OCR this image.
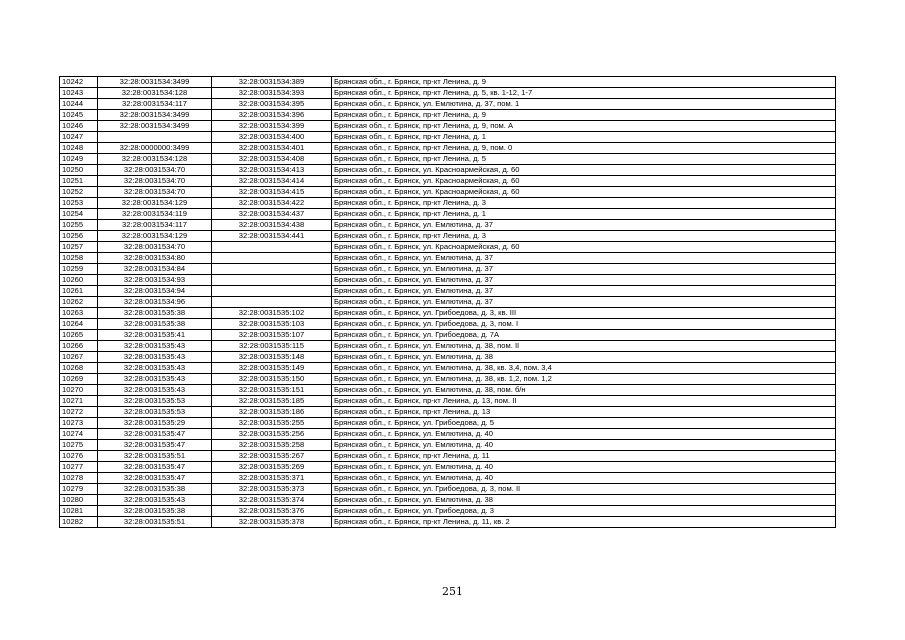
10242	32:28:0031534:3499	32:28:0031534:389	Брянская обл., г. Брянск, пр-кт Ленина, д. 9
10243	32:28:0031534:128	32:28:0031534:393	Брянская обл., г. Брянск, пр-кт Ленина, д. 5, кв. 1-12, 1-7
10244	32:28:0031534:117	32:28:0031534:395	Брянская обл., г. Брянск, ул. Емлютина, д. 37, пом. 1
10245	32:28:0031534:3499	32:28:0031534:396	Брянская обл., г. Брянск, пр-кт Ленина, д. 9
10246	32:28:0031534:3499	32:28:0031534:399	Брянская обл., г. Брянск, пр-кт Ленина, д. 9, пом. А
10247		32:28:0031534:400	Брянская обл., г. Брянск, пр-кт Ленина, д. 1
10248	32:28:0000000:3499	32:28:0031534:401	Брянская обл., г. Брянск, пр-кт Ленина, д. 9, пом. 0
10249	32:28:0031534:128	32:28:0031534:408	Брянская обл., г. Брянск, пр-кт Ленина, д. 5
10250	32:28:0031534:70	32:28:0031534:413	Брянская обл., г. Брянск, ул. Красноармейская, д. 60
10251	32:28:0031534:70	32:28:0031534:414	Брянская обл., г. Брянск, ул. Красноармейская, д. 60
10252	32:28:0031534:70	32:28:0031534:415	Брянская обл., г. Брянск, ул. Красноармейская, д. 60
10253	32:28:0031534:129	32:28:0031534:422	Брянская обл., г. Брянск, пр-кт Ленина, д. 3
10254	32:28:0031534:119	32:28:0031534:437	Брянская обл., г. Брянск, пр-кт Ленина, д. 1
10255	32:28:0031534:117	32:28:0031534:438	Брянская обл., г. Брянск, ул. Емлютина, д. 37
10256	32:28:0031534:129	32:28:0031534:441	Брянская обл., г. Брянск, пр-кт Ленина, д. 3
10257	32:28:0031534:70		Брянская обл., г. Брянск, ул. Красноармейская, д. 60
10258	32:28:0031534:80		Брянская обл., г. Брянск, ул. Емлютина, д. 37
10259	32:28:0031534:84		Брянская обл., г. Брянск, ул. Емлютина, д. 37
10260	32:28:0031534:93		Брянская обл., г. Брянск, ул. Емлютина, д. 37
10261	32:28:0031534:94		Брянская обл., г. Брянск, ул. Емлютина, д. 37
10262	32:28:0031534:96		Брянская обл., г. Брянск, ул. Емлютина, д. 37
10263	32:28:0031535:38	32:28:0031535:102	Брянская обл., г. Брянск, ул. Грибоедова, д. 3, кв. III
10264	32:28:0031535:38	32:28:0031535:103	Брянская обл., г. Брянск, ул. Грибоедова, д. 3, пом. I
10265	32:28:0031535:41	32:28:0031535:107	Брянская обл., г. Брянск, ул. Грибоедова, д. 7А
10266	32:28:0031535:43	32:28:0031535:115	Брянская обл., г. Брянск, ул. Емлютина, д. 38, пом. II
10267	32:28:0031535:43	32:28:0031535:148	Брянская обл., г. Брянск, ул. Емлютина, д. 38
10268	32:28:0031535:43	32:28:0031535:149	Брянская обл., г. Брянск, ул. Емлютина, д. 38, кв. 3,4, пом. 3,4
10269	32:28:0031535:43	32:28:0031535:150	Брянская обл., г. Брянск, ул. Емлютина, д. 38, кв. 1,2, пом. 1,2
10270	32:28:0031535:43	32:28:0031535:151	Брянская обл., г. Брянск, ул. Емлютина, д. 38, пом. б/н
10271	32:28:0031535:53	32:28:0031535:185	Брянская обл., г. Брянск, пр-кт Ленина, д. 13, пом. II
10272	32:28:0031535:53	32:28:0031535:186	Брянская обл., г. Брянск, пр-кт Ленина, д. 13
10273	32:28:0031535:29	32:28:0031535:255	Брянская обл., г. Брянск, ул. Грибоедова, д. 5
10274	32:28:0031535:47	32:28:0031535:256	Брянская обл., г. Брянск, ул. Емлютина, д. 40
10275	32:28:0031535:47	32:28:0031535:258	Брянская обл., г. Брянск, ул. Емлютина, д. 40
10276	32:28:0031535:51	32:28:0031535:267	Брянская обл., г. Брянск, пр-кт Ленина, д. 11
10277	32:28:0031535:47	32:28:0031535:269	Брянская обл., г. Брянск, ул. Емлютина, д. 40
10278	32:28:0031535:47	32:28:0031535:371	Брянская обл., г. Брянск, ул. Емлютина, д. 40
10279	32:28:0031535:38	32:28:0031535:373	Брянская обл., г. Брянск, ул. Грибоедова, д. 3, пом. II
10280	32:28:0031535:43	32:28:0031535:374	Брянская обл., г. Брянск, ул. Емлютина, д. 38
10281	32:28:0031535:38	32:28:0031535:376	Брянская обл., г. Брянск, ул. Грибоедова, д. 3
10282	32:28:0031535:51	32:28:0031535:378	Брянская обл., г. Брянск, пр-кт Ленина, д. 11, кв. 2
251
